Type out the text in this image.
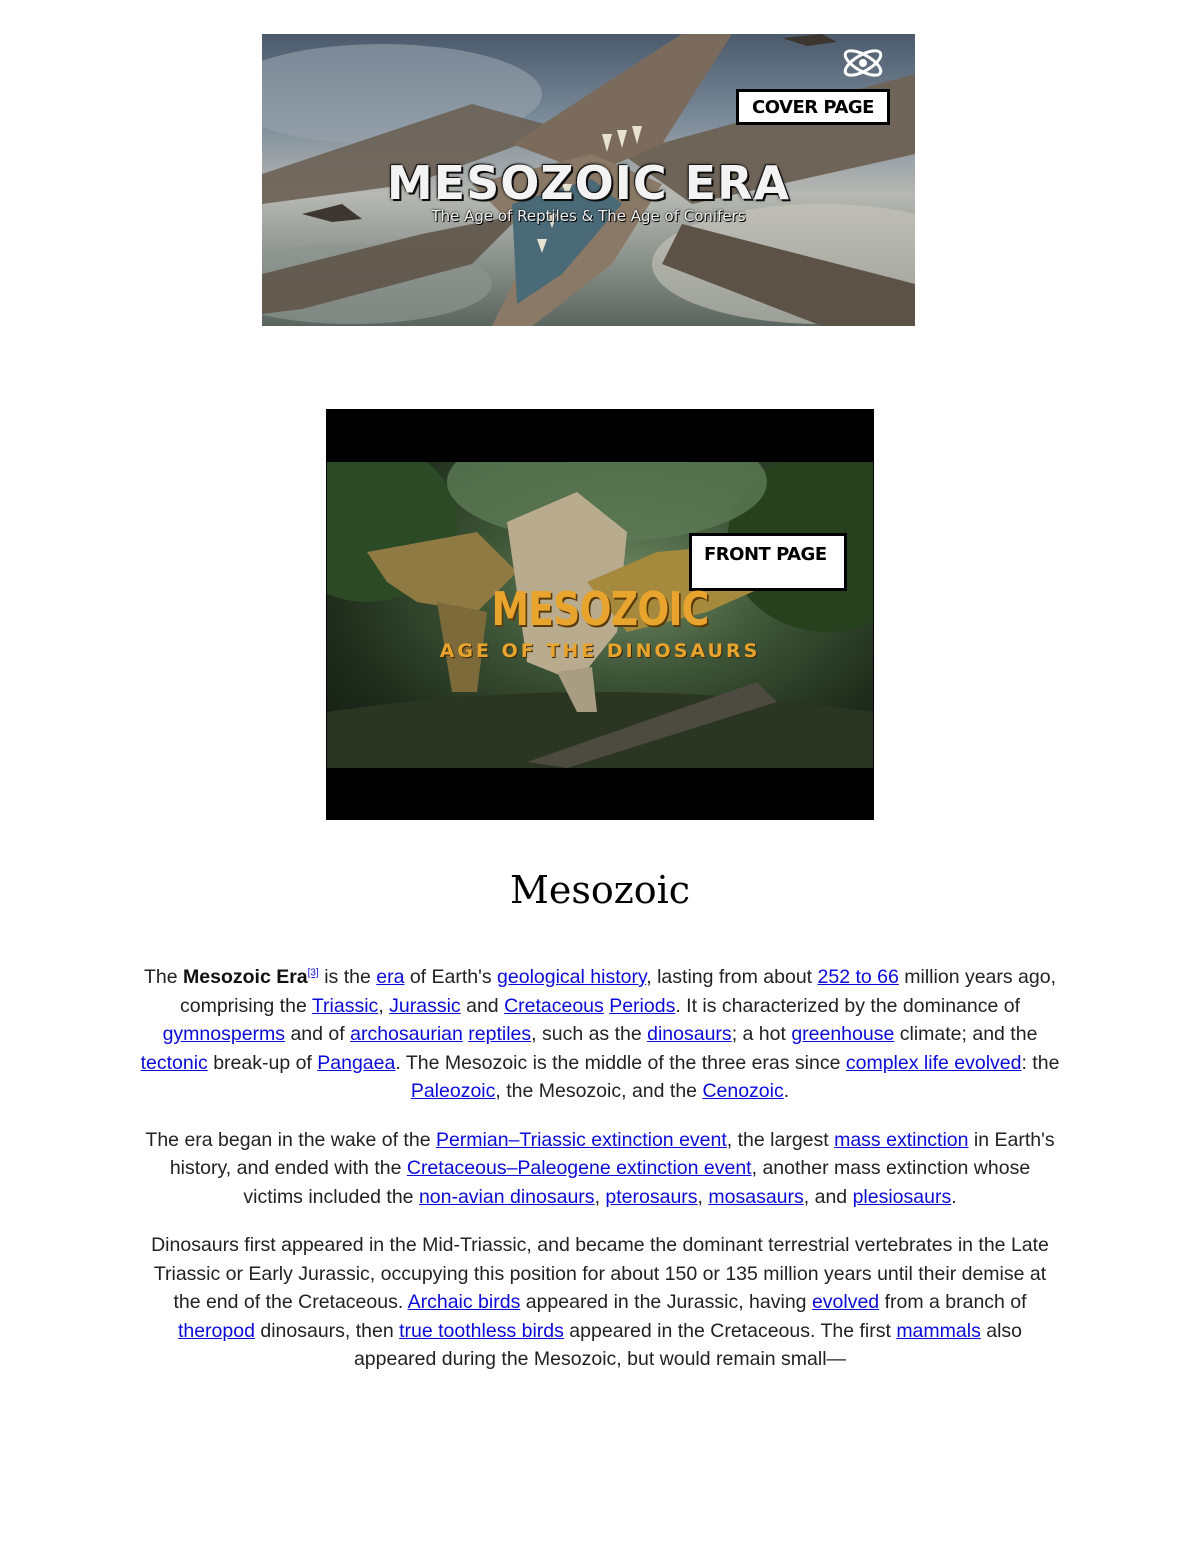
COVER PAGE
MESOZOIC ERA
The Age of Reptiles & The Age of Conifers
FRONT PAGE
MESOZOIC
AGE OF THE DINOSAURS
Mesozoic

The Mesozoic Era[3] is the era of Earth's geological history, lasting from about 252 to 66 million years ago, comprising the Triassic, Jurassic and Cretaceous Periods. It is characterized by the dominance of gymnosperms and of archosaurian reptiles, such as the dinosaurs; a hot greenhouse climate; and the tectonic break-up of Pangaea. The Mesozoic is the middle of the three eras since complex life evolved: the Paleozoic, the Mesozoic, and the Cenozoic.

The era began in the wake of the Permian–Triassic extinction event, the largest mass extinction in Earth's history, and ended with the Cretaceous–Paleogene extinction event, another mass extinction whose victims included the non-avian dinosaurs, pterosaurs, mosasaurs, and plesiosaurs.

Dinosaurs first appeared in the Mid-Triassic, and became the dominant terrestrial vertebrates in the Late Triassic or Early Jurassic, occupying this position for about 150 or 135 million years until their demise at the end of the Cretaceous. Archaic birds appeared in the Jurassic, having evolved from a branch of theropod dinosaurs, then true toothless birds appeared in the Cretaceous. The first mammals also appeared during the Mesozoic, but would remain small—
